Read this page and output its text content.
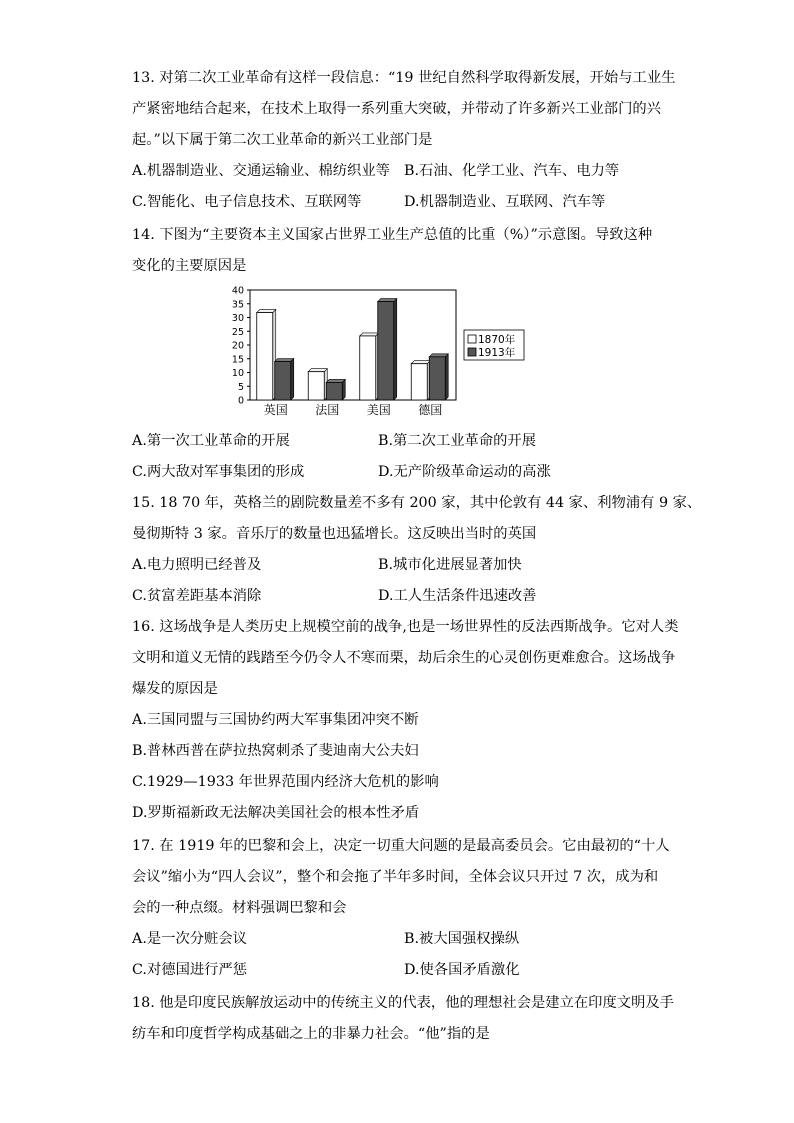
13. 对第二次工业革命有这样一段信息：“19 世纪自然科学取得新发展，开始与工业生
产紧密地结合起来，在技术上取得一系列重大突破，并带动了许多新兴工业部门的兴
起。”以下属于第二次工业革命的新兴工业部门是
A.机器制造业、交通运输业、棉纺织业等 B.石油、化学工业、汽车、电力等
C.智能化、电子信息技术、互联网等	D.机器制造业、互联网、汽车等
14. 下图为“主要资本主义国家占世界工业生产总值的比重（%）”示意图。导致这种
变化的主要原因是
0
5
10
15
20
25
30
35
40
英国 法国 美国 德国
1870年
1913年
A.第一次工业革命的开展	B.第二次工业革命的开展
C.两大敌对军事集团的形成	D.无产阶级革命运动的高涨
15. 18 70 年，英格兰的剧院数量差不多有 200 家，其中伦敦有 44 家、利物浦有 9 家、
曼彻斯特 3 家。音乐厅的数量也迅猛增长。这反映出当时的英国
A.电力照明已经普及	B.城市化进展显著加快
C.贫富差距基本消除	D.工人生活条件迅速改善
16. 这场战争是人类历史上规模空前的战争,也是一场世界性的反法西斯战争。它对人类
文明和道义无情的践踏至今仍令人不寒而栗，劫后余生的心灵创伤更难愈合。这场战争
爆发的原因是
A.三国同盟与三国协约两大军事集团冲突不断
B.普林西普在萨拉热窝刺杀了斐迪南大公夫妇
C.1929—1933 年世界范围内经济大危机的影响
D.罗斯福新政无法解决美国社会的根本性矛盾
17. 在 1919 年的巴黎和会上，决定一切重大问题的是最高委员会。它由最初的“十人
会议”缩小为“四人会议”，整个和会拖了半年多时间，全体会议只开过 7 次，成为和
会的一种点缀。材料强调巴黎和会
A.是一次分赃会议	B.被大国强权操纵
C.对德国进行严惩	D.使各国矛盾激化
18. 他是印度民族解放运动中的传统主义的代表，他的理想社会是建立在印度文明及手
纺车和印度哲学构成基础之上的非暴力社会。“他”指的是
